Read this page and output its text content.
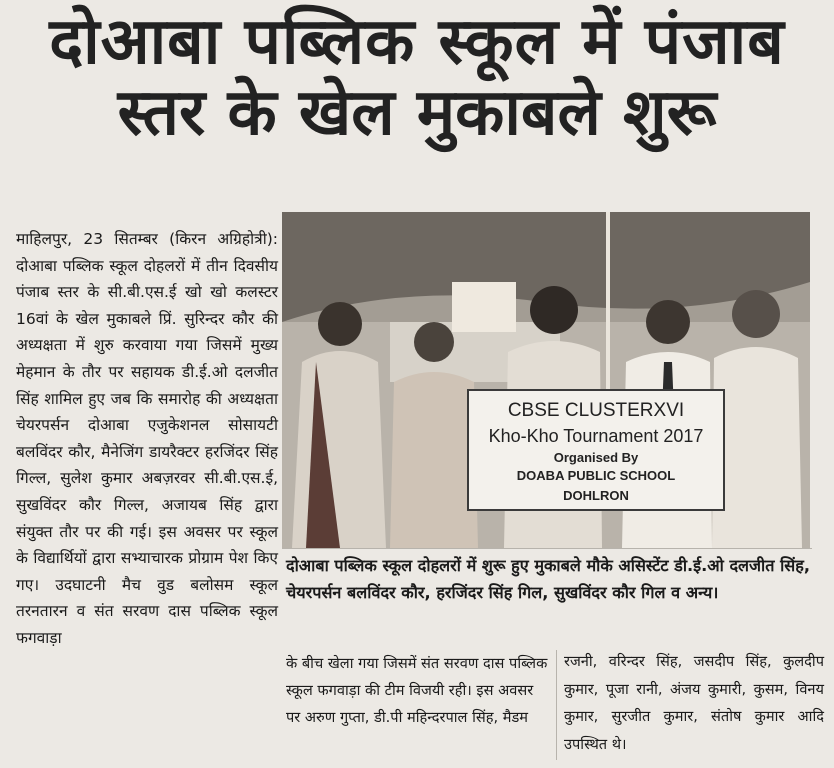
दोआबा पब्लिक स्कूल में पंजाब
स्तर के खेल मुकाबले शुरू
माहिलपुर, 23 सितम्बर (किरन अग्रिहोत्री): दोआबा पब्लिक स्कूल दोहलरों में तीन दिवसीय पंजाब स्तर के सी.बी.एस.ई खो खो कलस्टर 16वां के खेल मुकाबले प्रिं. सुरिन्दर कौर की अध्यक्षता में शुरु करवाया गया जिसमें मुख्य मेहमान के तौर पर सहायक डी.ई.ओ दलजीत सिंह शामिल हुए जब कि समारोह की अध्यक्षता चेयरपर्सन दोआबा एजुकेशनल सोसायटी बलविंदर कौर, मैनेजिंग डायरैक्टर हरजिंदर सिंह गिल्ल, सुलेश कुमार अबज़रवर सी.बी.एस.ई, सुखविंदर कौर गिल्ल, अजायब सिंह द्वारा संयुक्त तौर पर की गई। इस अवसर पर स्कूल के विद्यार्थियों द्वारा सभ्याचारक प्रोग्राम पेश किए गए। उदघाटनी मैच वुड बलोसम स्कूल तरनतारन व संत सरवण दास पब्लिक स्कूल फगवाड़ा
CBSE CLUSTERXVI
Kho-Kho Tournament 2017
Organised By
DOABA PUBLIC SCHOOL
DOHLRON
दोआबा पब्लिक स्कूल दोहलरों में शुरू हुए मुकाबले मौके असिस्टेंट डी.ई.ओ दलजीत सिंह, चेयरपर्सन बलविंदर कौर, हरजिंदर सिंह गिल, सुखविंदर कौर गिल व अन्य।
के बीच खेला गया जिसमें संत सरवण दास पब्लिक स्कूल फगवाड़ा की टीम विजयी रही। इस अवसर पर अरुण गुप्ता, डी.पी महिन्दरपाल सिंह, मैडम
रजनी, वरिन्दर सिंह, जसदीप सिंह, कुलदीप कुमार, पूजा रानी, अंजय कुमारी, कुसम, विनय कुमार, सुरजीत कुमार, संतोष कुमार आदि उपस्थित थे।
